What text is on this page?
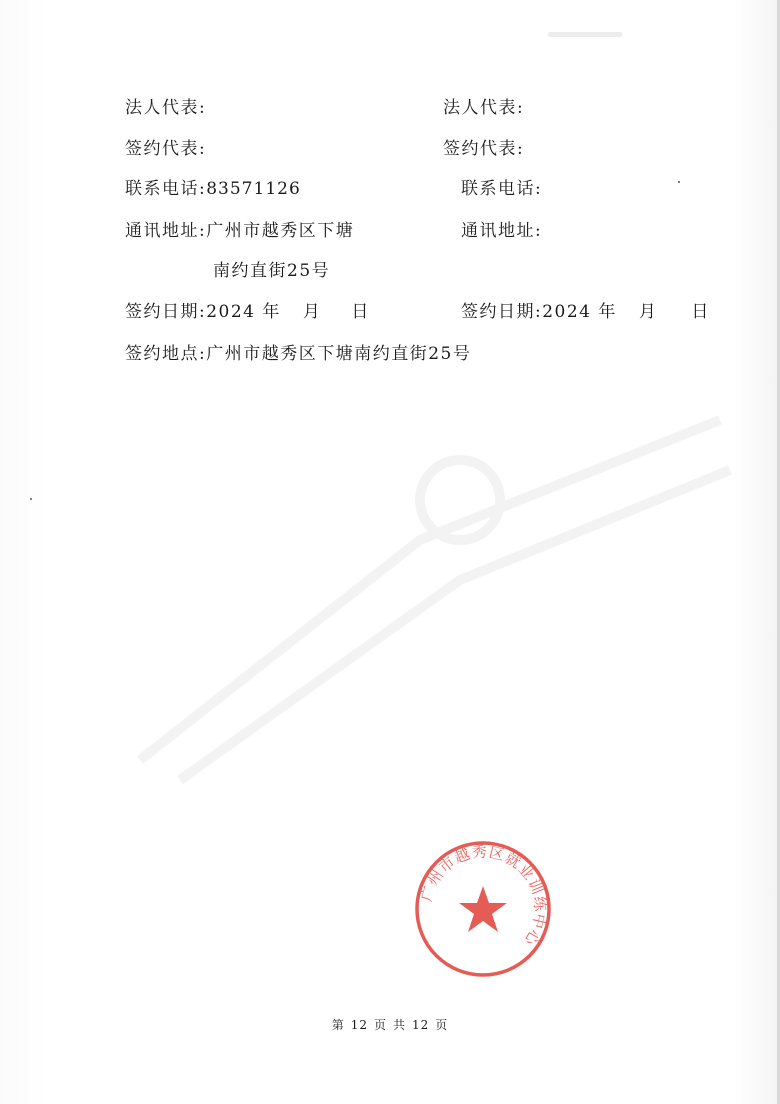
法人代表:	法人代表:
签约代表:	签约代表:
联系电话:83571126	联系电话:
通讯地址:广州市越秀区下塘	通讯地址:
南约直街25号
签约日期:2024 年 月 日	签约日期:2024 年 月 日
签约地点:广州市越秀区下塘南约直街25号
广州市越秀区就业训练中心
第 12 页 共 12 页
